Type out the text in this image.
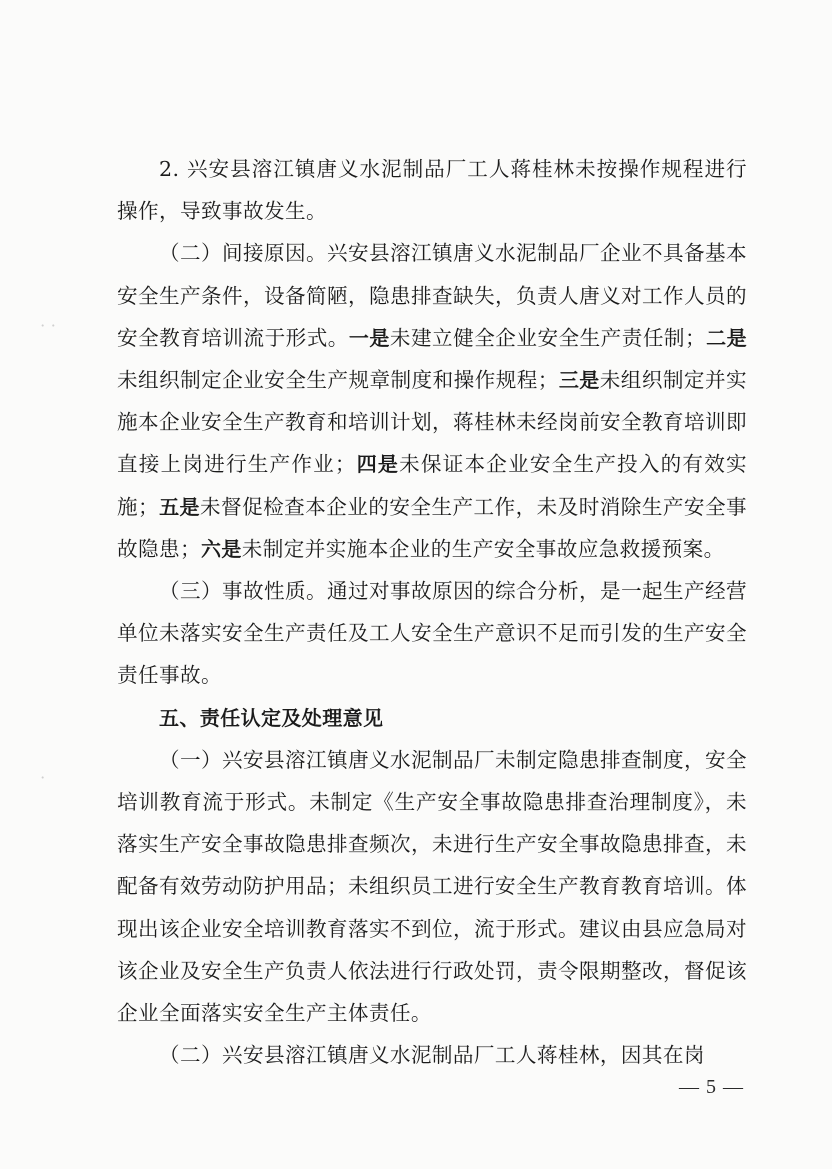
⋅ ⋅
⋅

2. 兴安县溶江镇唐义水泥制品厂工人蒋桂林未按操作规程进行操作，导致事故发生。

（二）间接原因。兴安县溶江镇唐义水泥制品厂企业不具备基本安全生产条件，设备简陋，隐患排查缺失，负责人唐义对工作人员的安全教育培训流于形式。一是未建立健全企业安全生产责任制；二是未组织制定企业安全生产规章制度和操作规程；三是未组织制定并实施本企业安全生产教育和培训计划，蒋桂林未经岗前安全教育培训即直接上岗进行生产作业；四是未保证本企业安全生产投入的有效实施；五是未督促检查本企业的安全生产工作，未及时消除生产安全事故隐患；六是未制定并实施本企业的生产安全事故应急救援预案。

（三）事故性质。通过对事故原因的综合分析，是一起生产经营单位未落实安全生产责任及工人安全生产意识不足而引发的生产安全责任事故。

五、责任认定及处理意见

（一）兴安县溶江镇唐义水泥制品厂未制定隐患排查制度，安全培训教育流于形式。未制定《生产安全事故隐患排查治理制度》，未落实生产安全事故隐患排查频次，未进行生产安全事故隐患排查，未配备有效劳动防护用品；未组织员工进行安全生产教育教育培训。体现出该企业安全培训教育落实不到位，流于形式。建议由县应急局对该企业及安全生产负责人依法进行行政处罚，责令限期整改，督促该企业全面落实安全生产主体责任。

（二）兴安县溶江镇唐义水泥制品厂工人蒋桂林，因其在岗

— 5 —
